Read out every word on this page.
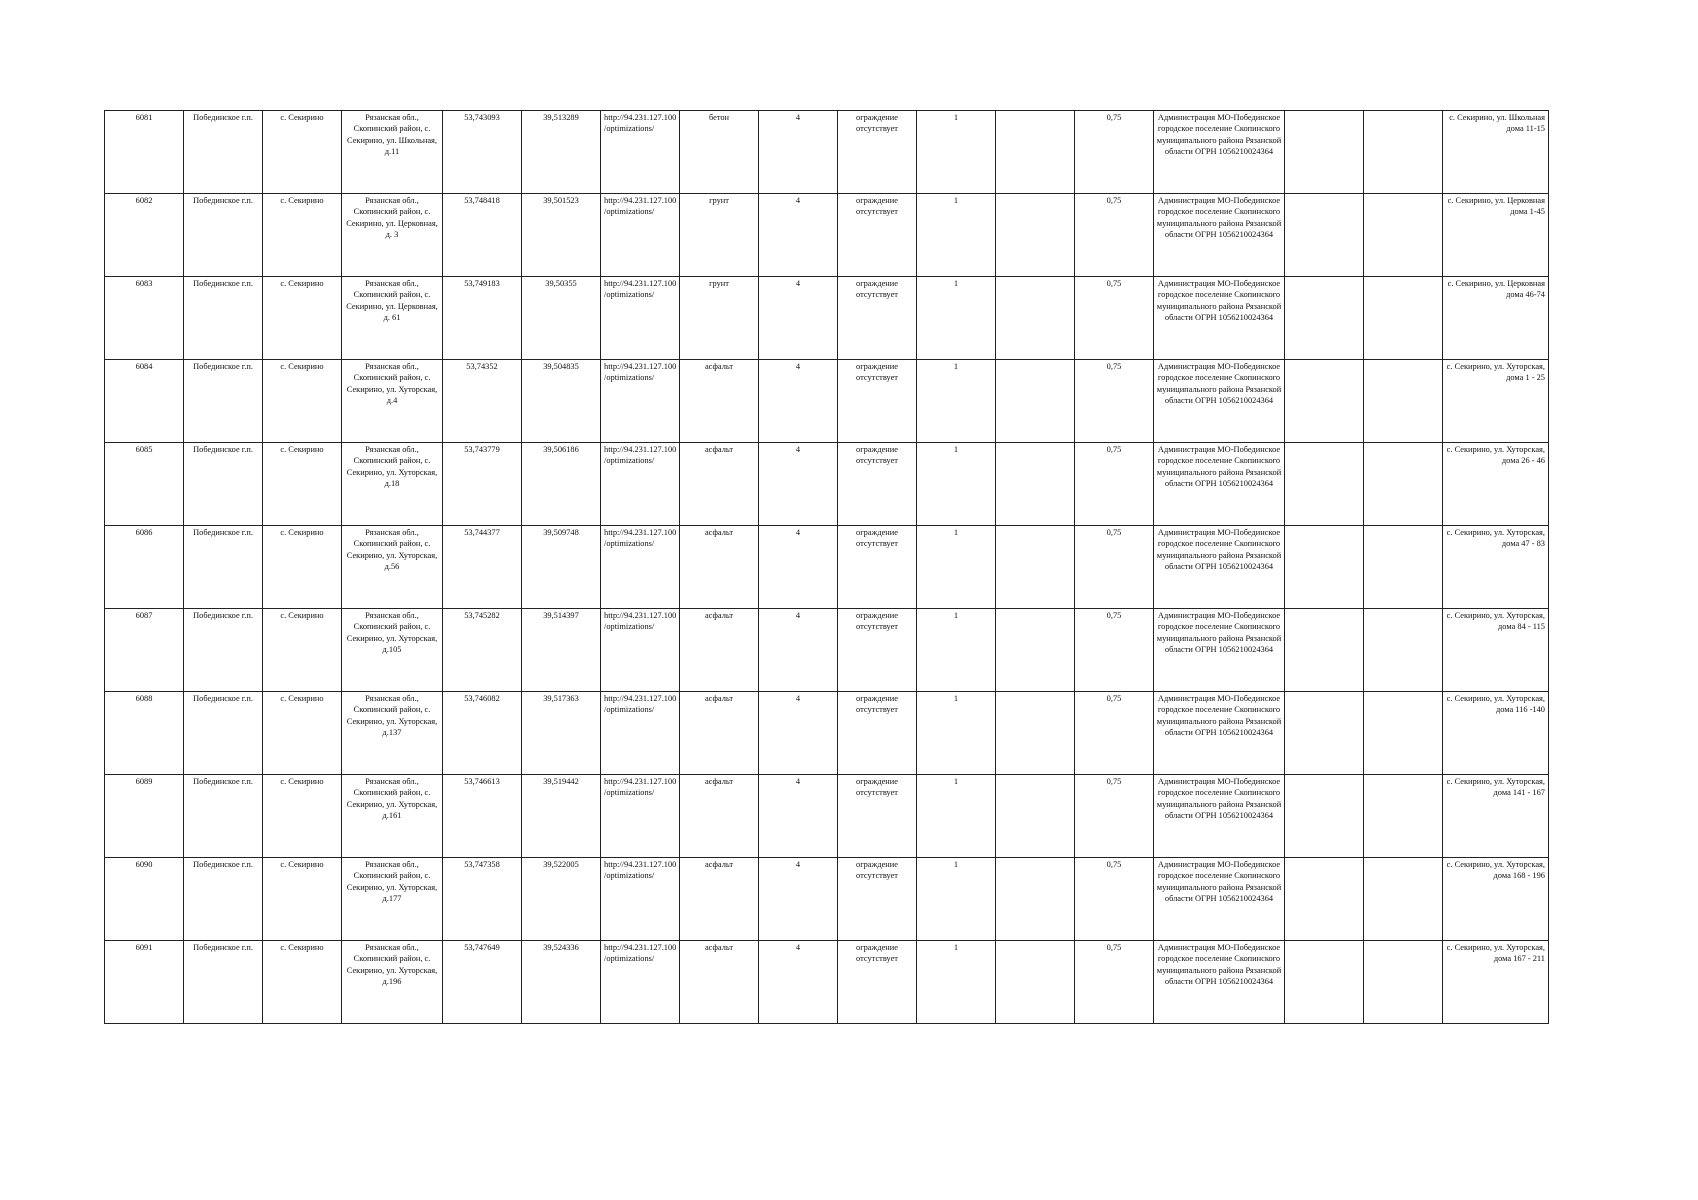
6081	Побединское г.п.	с. Секирино	Рязанская обл., Скопинский район, с. Секирино, ул. Школьная, д.11	53,743093	39,513289	http://94.231.127.100/optimizations/	бетон	4	ограждение отсутствует	1		0,75	Администрация МО-Побединское городское поселение Скопинского муниципального района Рязанской области ОГРН 1056210024364			с. Секирино, ул. Школьная дома 11-15
6082	Побединское г.п.	с. Секирино	Рязанская обл., Скопинский район, с. Секирино, ул. Церковная, д. 3	53,748418	39,501523	http://94.231.127.100/optimizations/	грунт	4	ограждение отсутствует	1		0,75	Администрация МО-Побединское городское поселение Скопинского муниципального района Рязанской области ОГРН 1056210024364			с. Секирино, ул. Церковная дома 1-45
6083	Побединское г.п.	с. Секирино	Рязанская обл., Скопинский район, с. Секирино, ул. Церковная, д. 61	53,749183	39,50355	http://94.231.127.100/optimizations/	грунт	4	ограждение отсутствует	1		0,75	Администрация МО-Побединское городское поселение Скопинского муниципального района Рязанской области ОГРН 1056210024364			с. Секирино, ул. Церковная дома 46-74
6084	Побединское г.п.	с. Секирино	Рязанская обл., Скопинский район, с. Секирино, ул. Хуторская, д.4	53,74352	39,504835	http://94.231.127.100/optimizations/	асфальт	4	ограждение отсутствует	1		0,75	Администрация МО-Побединское городское поселение Скопинского муниципального района Рязанской области ОГРН 1056210024364			с. Секирино, ул. Хуторская, дома 1 - 25
6085	Побединское г.п.	с. Секирино	Рязанская обл., Скопинский район, с. Секирино, ул. Хуторская, д.18	53,743779	39,506186	http://94.231.127.100/optimizations/	асфальт	4	ограждение отсутствует	1		0,75	Администрация МО-Побединское городское поселение Скопинского муниципального района Рязанской области ОГРН 1056210024364			с. Секирино, ул. Хуторская, дома 26 - 46
6086	Побединское г.п.	с. Секирино	Рязанская обл., Скопинский район, с. Секирино, ул. Хуторская, д.56	53,744377	39,509748	http://94.231.127.100/optimizations/	асфальт	4	ограждение отсутствует	1		0,75	Администрация МО-Побединское городское поселение Скопинского муниципального района Рязанской области ОГРН 1056210024364			с. Секирино, ул. Хуторская, дома 47 - 83
6087	Побединское г.п.	с. Секирино	Рязанская обл., Скопинский район, с. Секирино, ул. Хуторская, д.105	53,745282	39,514397	http://94.231.127.100/optimizations/	асфальт	4	ограждение отсутствует	1		0,75	Администрация МО-Побединское городское поселение Скопинского муниципального района Рязанской области ОГРН 1056210024364			с. Секирино, ул. Хуторская, дома 84 - 115
6088	Побединское г.п.	с. Секирино	Рязанская обл., Скопинский район, с. Секирино, ул. Хуторская, д.137	53,746082	39,517363	http://94.231.127.100/optimizations/	асфальт	4	ограждение отсутствует	1		0,75	Администрация МО-Побединское городское поселение Скопинского муниципального района Рязанской области ОГРН 1056210024364			с. Секирино, ул. Хуторская, дома 116 -140
6089	Побединское г.п.	с. Секирино	Рязанская обл., Скопинский район, с. Секирино, ул. Хуторская, д.161	53,746613	39,519442	http://94.231.127.100/optimizations/	асфальт	4	ограждение отсутствует	1		0,75	Администрация МО-Побединское городское поселение Скопинского муниципального района Рязанской области ОГРН 1056210024364			с. Секирино, ул. Хуторская, дома 141 - 167
6090	Побединское г.п.	с. Секирино	Рязанская обл., Скопинский район, с. Секирино, ул. Хуторская, д.177	53,747358	39,522005	http://94.231.127.100/optimizations/	асфальт	4	ограждение отсутствует	1		0,75	Администрация МО-Побединское городское поселение Скопинского муниципального района Рязанской области ОГРН 1056210024364			с. Секирино, ул. Хуторская, дома 168 - 196
6091	Побединское г.п.	с. Секирино	Рязанская обл., Скопинский район, с. Секирино, ул. Хуторская, д.196	53,747649	39,524336	http://94.231.127.100/optimizations/	асфальт	4	ограждение отсутствует	1		0,75	Администрация МО-Побединское городское поселение Скопинского муниципального района Рязанской области ОГРН 1056210024364			с. Секирино, ул. Хуторская, дома 167 - 211
